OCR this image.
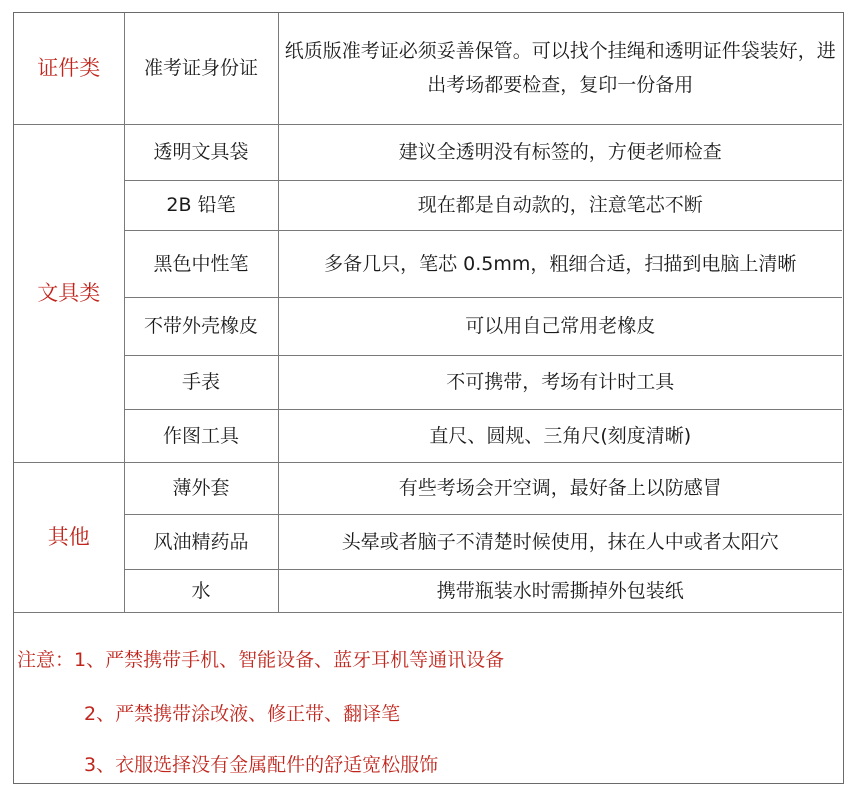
证件类	准考证身份证	纸质版准考证必须妥善保管。可以找个挂绳和透明证件袋装好，进出考场都要检查，复印一份备用
文具类	透明文具袋	建议全透明没有标签的，方便老师检查
	2B 铅笔	现在都是自动款的，注意笔芯不断
	黑色中性笔	多备几只，笔芯 0.5mm，粗细合适，扫描到电脑上清晰
	不带外壳橡皮	可以用自己常用老橡皮
	手表	不可携带，考场有计时工具
	作图工具	直尺、圆规、三角尺(刻度清晰)
其他	薄外套	有些考场会开空调，最好备上以防感冒
	风油精药品	头晕或者脑子不清楚时候使用，抹在人中或者太阳穴
	水	携带瓶装水时需撕掉外包装纸
注意：1、严禁携带手机、智能设备、蓝牙耳机等通讯设备
2、严禁携带涂改液、修正带、翻译笔
3、衣服选择没有金属配件的舒适宽松服饰
